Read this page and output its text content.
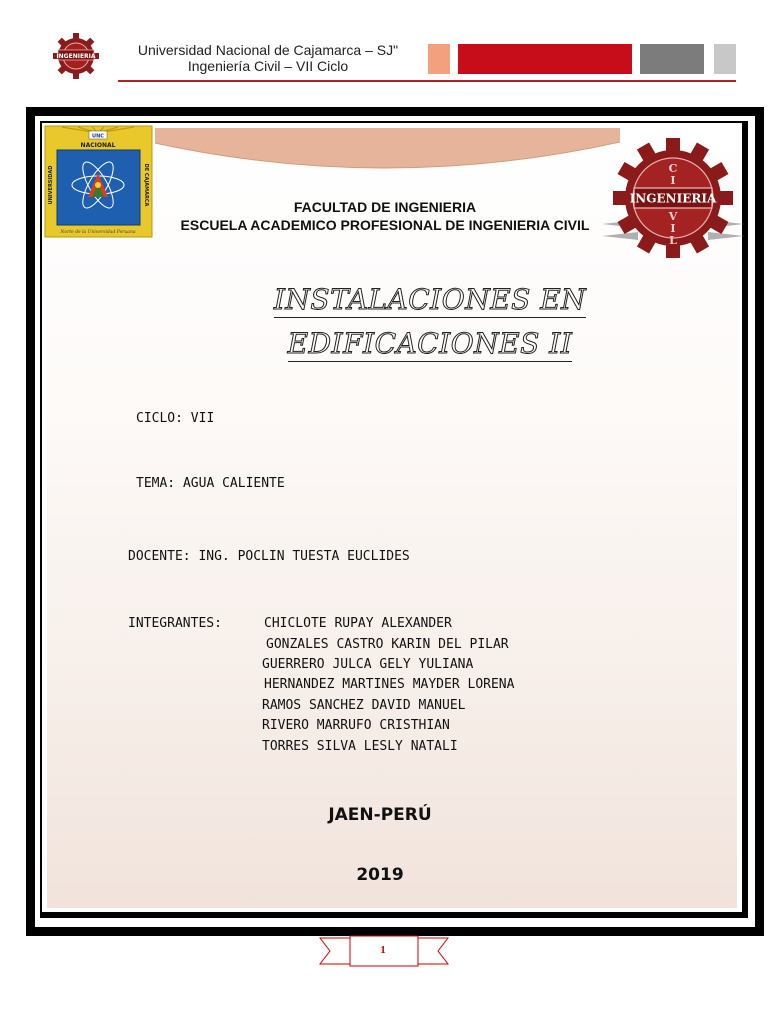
INGENIERIA
. . . . .
Universidad Nacional de Cajamarca – SJ"
Ingeniería Civil – VII Ciclo
UNC
NACIONAL
UNIVERSIDAD	DE CAJAMARCA
Norte de la Universidad Peruana
C
I
INGENIERIA
V
I
L
FACULTAD DE INGENIERIA
ESCUELA ACADEMICO PROFESIONAL DE INGENIERIA CIVIL
INSTALACIONES EN
EDIFICACIONES II
CICLO: VII
TEMA: AGUA CALIENTE
DOCENTE: ING. POCLIN TUESTA EUCLIDES
INTEGRANTES:	CHICLOTE RUPAY ALEXANDER
GONZALES CASTRO KARIN DEL PILAR
GUERRERO JULCA GELY YULIANA
HERNANDEZ MARTINES MAYDER LORENA
RAMOS SANCHEZ DAVID MANUEL
RIVERO MARRUFO CRISTHIAN
TORRES SILVA LESLY NATALI
JAEN-PERÚ
2019
1
